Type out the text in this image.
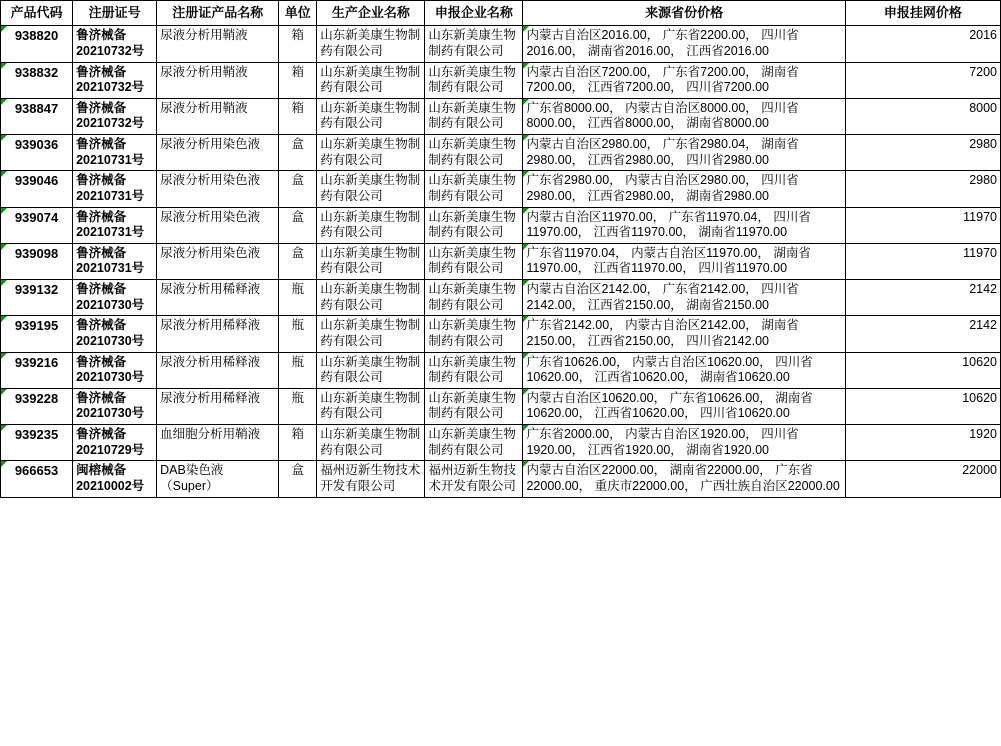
产品代码	注册证号	注册证产品名称	单位	生产企业名称	申报企业名称	来源省份价格	申报挂网价格
938820	鲁济械备20210732号	尿液分析用鞘液	箱	山东新美康生物制药有限公司	山东新美康生物制药有限公司	内蒙古自治区2016.00， 广东省2200.00， 四川省2016.00， 湖南省2016.00， 江西省2016.00	2016
938832	鲁济械备20210732号	尿液分析用鞘液	箱	山东新美康生物制药有限公司	山东新美康生物制药有限公司	内蒙古自治区7200.00， 广东省7200.00， 湖南省7200.00， 江西省7200.00， 四川省7200.00	7200
938847	鲁济械备20210732号	尿液分析用鞘液	箱	山东新美康生物制药有限公司	山东新美康生物制药有限公司	广东省8000.00， 内蒙古自治区8000.00， 四川省8000.00， 江西省8000.00， 湖南省8000.00	8000
939036	鲁济械备20210731号	尿液分析用染色液	盒	山东新美康生物制药有限公司	山东新美康生物制药有限公司	内蒙古自治区2980.00， 广东省2980.04， 湖南省2980.00， 江西省2980.00， 四川省2980.00	2980
939046	鲁济械备20210731号	尿液分析用染色液	盒	山东新美康生物制药有限公司	山东新美康生物制药有限公司	广东省2980.00， 内蒙古自治区2980.00， 四川省2980.00， 江西省2980.00， 湖南省2980.00	2980
939074	鲁济械备20210731号	尿液分析用染色液	盒	山东新美康生物制药有限公司	山东新美康生物制药有限公司	内蒙古自治区11970.00， 广东省11970.04， 四川省11970.00， 江西省11970.00， 湖南省11970.00	11970
939098	鲁济械备20210731号	尿液分析用染色液	盒	山东新美康生物制药有限公司	山东新美康生物制药有限公司	广东省11970.04， 内蒙古自治区11970.00， 湖南省11970.00， 江西省11970.00， 四川省11970.00	11970
939132	鲁济械备20210730号	尿液分析用稀释液	瓶	山东新美康生物制药有限公司	山东新美康生物制药有限公司	内蒙古自治区2142.00， 广东省2142.00， 四川省2142.00， 江西省2150.00， 湖南省2150.00	2142
939195	鲁济械备20210730号	尿液分析用稀释液	瓶	山东新美康生物制药有限公司	山东新美康生物制药有限公司	广东省2142.00， 内蒙古自治区2142.00， 湖南省2150.00， 江西省2150.00， 四川省2142.00	2142
939216	鲁济械备20210730号	尿液分析用稀释液	瓶	山东新美康生物制药有限公司	山东新美康生物制药有限公司	广东省10626.00， 内蒙古自治区10620.00， 四川省10620.00， 江西省10620.00， 湖南省10620.00	10620
939228	鲁济械备20210730号	尿液分析用稀释液	瓶	山东新美康生物制药有限公司	山东新美康生物制药有限公司	内蒙古自治区10620.00， 广东省10626.00， 湖南省10620.00， 江西省10620.00， 四川省10620.00	10620
939235	鲁济械备20210729号	血细胞分析用鞘液	箱	山东新美康生物制药有限公司	山东新美康生物制药有限公司	广东省2000.00， 内蒙古自治区1920.00， 四川省1920.00， 江西省1920.00， 湖南省1920.00	1920
966653	闽榕械备20210002号	DAB染色液（Super）	盒	福州迈新生物技术开发有限公司	福州迈新生物技术开发有限公司	内蒙古自治区22000.00， 湖南省22000.00， 广东省22000.00， 重庆市22000.00， 广西壮族自治区22000.00	22000
